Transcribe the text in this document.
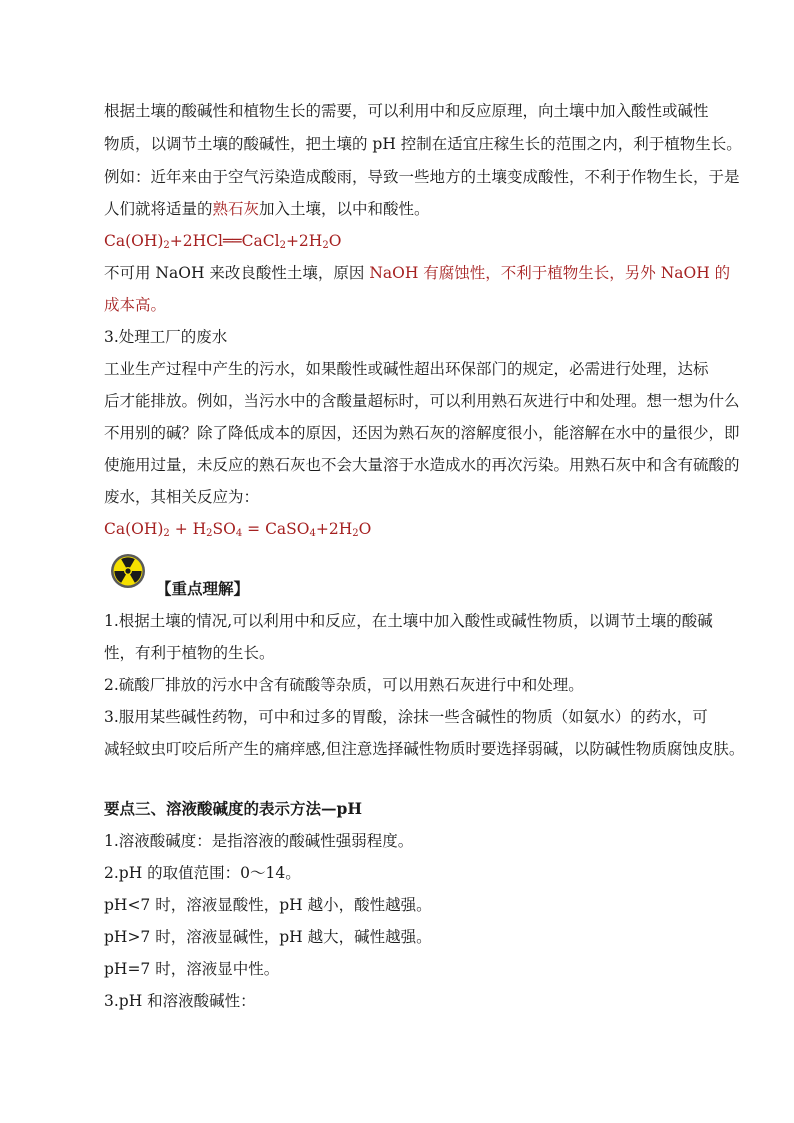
根据土壤的酸碱性和植物生长的需要，可以利用中和反应原理，向土壤中加入酸性或碱性
物质，以调节土壤的酸碱性，把土壤的 pH 控制在适宜庄稼生长的范围之内，利于植物生长。
例如：近年来由于空气污染造成酸雨，导致一些地方的土壤变成酸性，不利于作物生长，于是
人们就将适量的熟石灰加入土壤，以中和酸性。
$Ca(OH)_2+2HCl══CaCl_2+2H_2O$
不可用 NaOH 来改良酸性土壤，原因 NaOH 有腐蚀性，不利于植物生长，另外 NaOH 的
成本高。
3.处理工厂的废水
工业生产过程中产生的污水，如果酸性或碱性超出环保部门的规定，必需进行处理，达标
后才能排放。例如，当污水中的含酸量超标时，可以利用熟石灰进行中和处理。想一想为什么
不用别的碱？除了降低成本的原因，还因为熟石灰的溶解度很小，能溶解在水中的量很少，即
使施用过量，未反应的熟石灰也不会大量溶于水造成水的再次污染。用熟石灰中和含有硫酸的
废水，其相关反应为：
$Ca(OH)_2 + H_2SO_4$ = $CaSO_4+2H_2O$
【重点理解】
1.根据土壤的情况,可以利用中和反应，在土壤中加入酸性或碱性物质，以调节土壤的酸碱
性，有利于植物的生长。
2.硫酸厂排放的污水中含有硫酸等杂质，可以用熟石灰进行中和处理。
3.服用某些碱性药物，可中和过多的胃酸，涂抹一些含碱性的物质（如氨水）的药水，可
减轻蚊虫叮咬后所产生的痛痒感,但注意选择碱性物质时要选择弱碱，以防碱性物质腐蚀皮肤。
要点三、溶液酸碱度的表示方法—pH
1.溶液酸碱度：是指溶液的酸碱性强弱程度。
2.pH 的取值范围：0～14。
pH<7 时，溶液显酸性，pH 越小，酸性越强。
pH>7 时，溶液显碱性，pH 越大，碱性越强。
pH=7 时，溶液显中性。
3.pH 和溶液酸碱性：
